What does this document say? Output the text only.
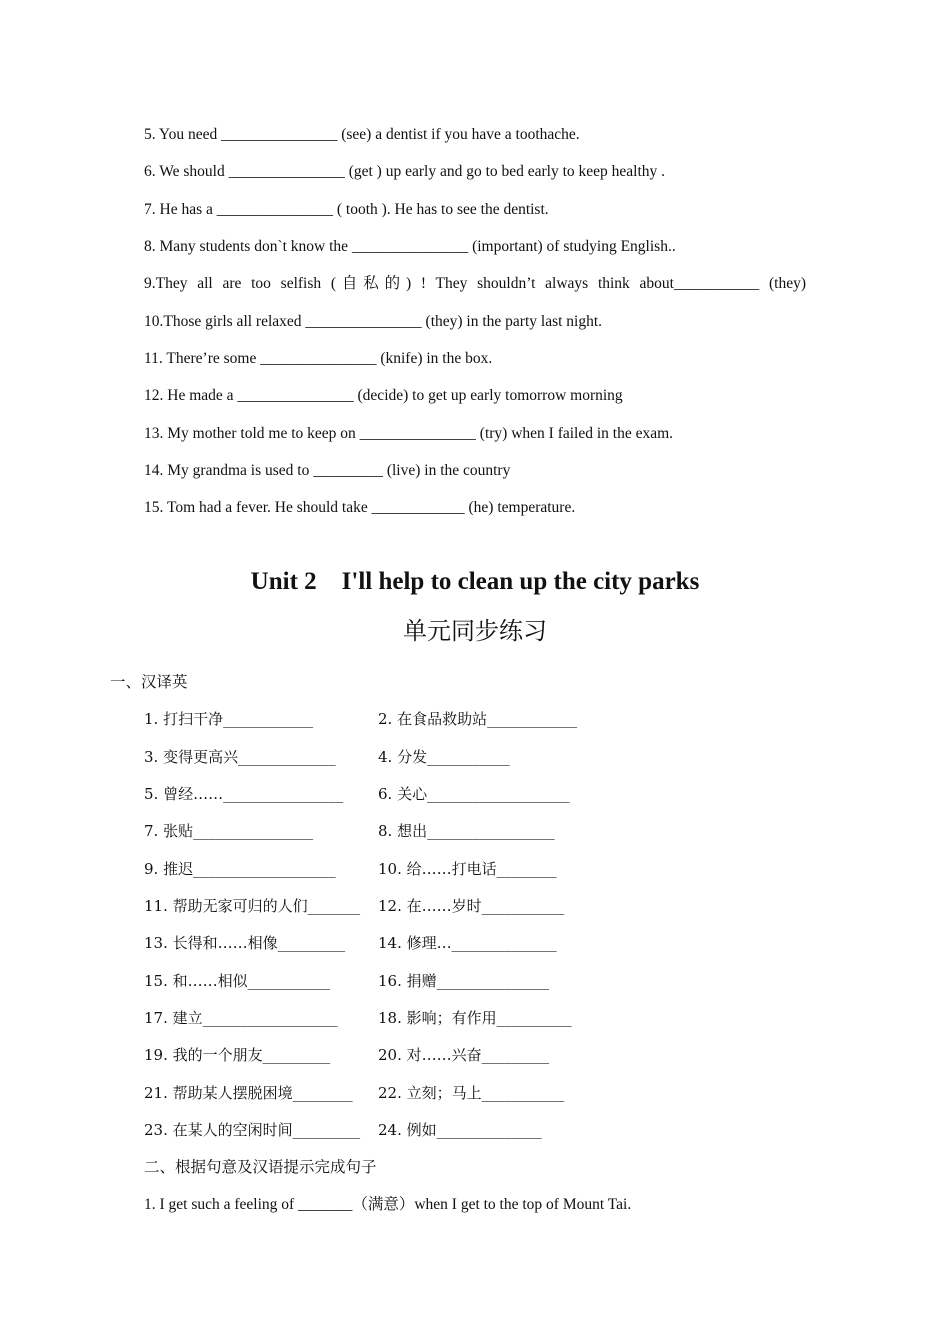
5. You need _______________ (see) a dentist if you have a toothache.
6. We should _______________ (get ) up early and go to bed early to keep healthy .
7. He has a _______________ ( tooth ). He has to see the dentist.
8. Many students don`t know the _______________ (important) of studying English..
9.They all are too selfish (自私的) ! They shouldn’t always think about___________ (they)
10.Those girls all relaxed _______________ (they) in the party last night.
11. There’re some _______________ (knife) in the box.
12. He made a _______________ (decide) to get up early tomorrow morning
13. My mother told me to keep on _______________ (try) when I failed in the exam.
14. My grandma is used to _________ (live) in the country
15. Tom had a fever. He should take ____________ (he) temperature.
Unit 2    I'll help to clean up the city parks
单元同步练习
一、汉译英
1. 打扫干净____________	2. 在食品救助站____________
3. 变得更高兴_____________	4. 分发___________
5. 曾经……________________ 6. 关心___________________
7. 张贴________________	8. 想出_________________
9. 推迟___________________	10. 给……打电话________
11. 帮助无家可归的人们_______ 12. 在……岁时___________
13. 长得和……相像_________ 14. 修理…______________
15. 和……相似___________	16. 捐赠_______________
17. 建立__________________	18. 影响；有作用__________
19. 我的一个朋友_________	20. 对……兴奋_________
21. 帮助某人摆脱困境________ 22. 立刻；马上___________
23. 在某人的空闲时间_________ 24. 例如______________
二、根据句意及汉语提示完成句子
1. I get such a feeling of _______（满意）when I get to the top of Mount Tai.
